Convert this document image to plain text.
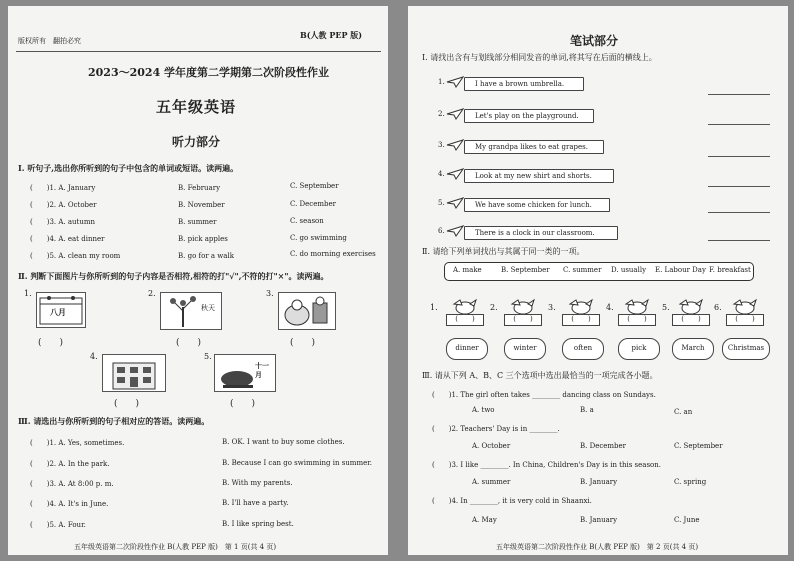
版权所有　翻拍必究
B(人教 PEP 版)
2023～2024 学年度第二学期第二次阶段性作业
五年级英语
听力部分
Ⅰ. 听句子,选出你所听到的句子中包含的单词或短语。读两遍。
(　　)1. A. January	B. February	C. September
(　　)2. A. October	B. November	C. December
(　　)3. A. autumn	B. summer	C. season
(　　)4. A. eat dinner	B. pick apples	C. go swimming
(　　)5. A. clean my room	B. go for a walk	C. do morning exercises
Ⅱ. 判断下面图片与你所听到的句子内容是否相符,相符的打"√",不符的打"×"。读两遍。
1.
八月
(　　)
2.
秋天
(　　)
3.
(　　)
4.
(　　)
5.
十一月
(　　)
Ⅲ. 请选出与你所听到的句子相对应的答语。读两遍。
(　　)1. A. Yes, sometimes.	B. OK. I want to buy some clothes.
(　　)2. A. In the park.	B. Because I can go swimming in summer.
(　　)3. A. At 8:00 p. m.	B. With my parents.
(　　)4. A. It's in June.	B. I'll have a party.
(　　)5. A. Four.	B. I like spring best.
五年级英语第二次阶段性作业 B(人教 PEP 版)　第 1 页(共 4 页)
笔试部分
Ⅰ. 请找出含有与划线部分相同发音的单词,将其写在后面的横线上。
1.	I have a brown umbrella.
2.	Let's play on the playground.
3.	My grandpa likes to eat grapes.
4.	Look at my new shirt and shorts.
5.	We have some chicken for lunch.
6.	There is a clock in our classroom.
Ⅱ. 请给下列单词找出与其属于同一类的一项。
A. make	B. September C. summer D. usually E. Labour Day F. breakfast
1.
(　　)
dinner
2.
(　　)
winter
3.
(　　)
often
4.
(　　)
pick
5.
(　　)
March
6.
(　　)
Christmas
Ⅲ. 请从下列 A、B、C 三个选项中选出最恰当的一项完成各小题。
(　　)1. The girl often takes ________ dancing class on Sundays.
A. two	B. a	C. an
(　　)2. Teachers' Day is in ________.
A. October	B. December	C. September
(　　)3. I like ________. In China, Children's Day is in this season.
A. summer	B. January	C. spring
(　　)4. In ________, it is very cold in Shaanxi.
A. May	B. January	C. June
五年级英语第二次阶段性作业 B(人教 PEP 版)　第 2 页(共 4 页)
